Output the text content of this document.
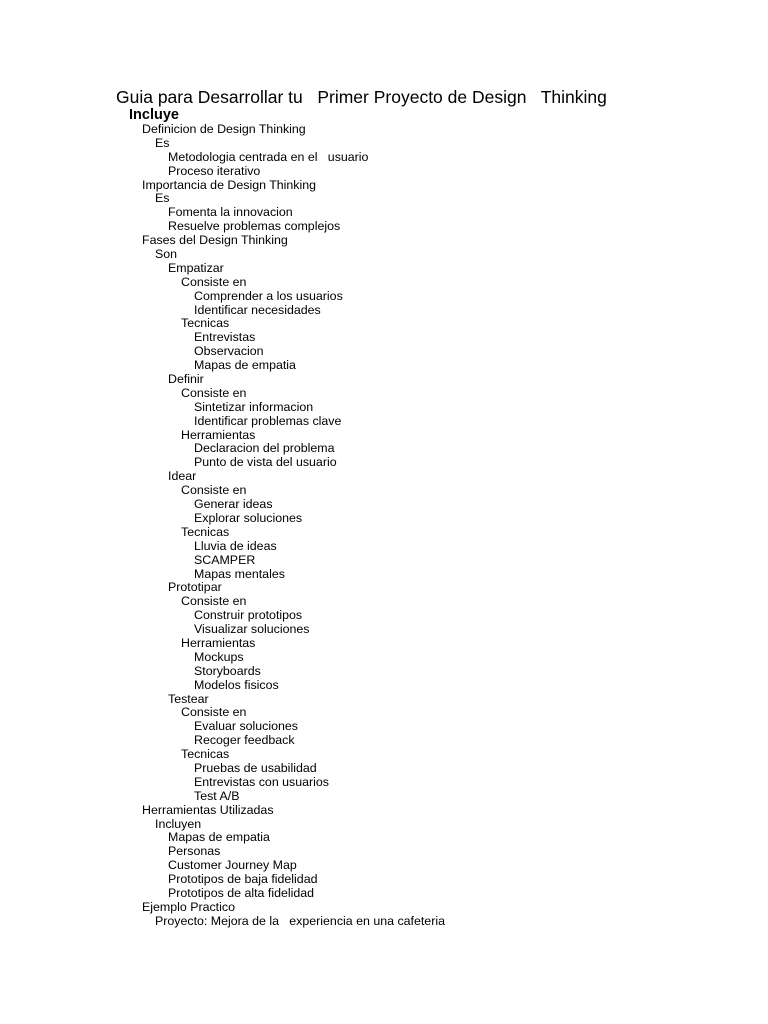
Guia para Desarrollar tu   Primer Proyecto de Design   Thinking
Incluye
Definicion de Design Thinking
Es
Metodologia centrada en el   usuario
Proceso iterativo
Importancia de Design Thinking
Es
Fomenta la innovacion
Resuelve problemas complejos
Fases del Design Thinking
Son
Empatizar
Consiste en
Comprender a los usuarios
Identificar necesidades
Tecnicas
Entrevistas
Observacion
Mapas de empatia
Definir
Consiste en
Sintetizar informacion
Identificar problemas clave
Herramientas
Declaracion del problema
Punto de vista del usuario
Idear
Consiste en
Generar ideas
Explorar soluciones
Tecnicas
Lluvia de ideas
SCAMPER
Mapas mentales
Prototipar
Consiste en
Construir prototipos
Visualizar soluciones
Herramientas
Mockups
Storyboards
Modelos fisicos
Testear
Consiste en
Evaluar soluciones
Recoger feedback
Tecnicas
Pruebas de usabilidad
Entrevistas con usuarios
Test A/B
Herramientas Utilizadas
Incluyen
Mapas de empatia
Personas
Customer Journey Map
Prototipos de baja fidelidad
Prototipos de alta fidelidad
Ejemplo Practico
Proyecto: Mejora de la   experiencia en una cafeteria
